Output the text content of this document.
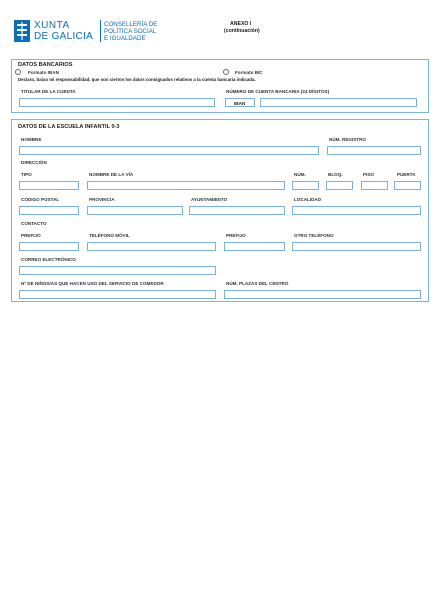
XUNTA
DE GALICIA
CONSELLERÍA DE
POLÍTICA SOCIAL
E IGUALDADE
ANEXO I
(continuación)
DATOS BANCARIOS
Formato IBAN	Formato BIC
Declaro, baixo mi responsabilidad, que son ciertos los datos consignados relativos a la cuenta bancaria indicada.
TITULAR DE LA CUENTA	NÚMERO DE CUENTA BANCARIA (24 DÍGITOS)
IBAN
DATOS DE LA ESCUELA INFANTIL 0-3
NOMBRE	NÚM. REGISTRO
DIRECCIÓN
TIPO	NOMBRE DE LA VÍA	NÚM.	BLOQ.	PISO	PUERTA
CÓDIGO POSTAL	PROVINCIA	AYUNTAMIENTO	LOCALIDAD
CONTACTO
PREFIJO	TELÉFONO MÓVIL	PREFIJO	OTRO TELÉFONO
CORREO ELECTRÓNICO
Nº DE NIÑOS/AS QUE HACEN USO DEL SERVICIO DE COMEDOR	NÚM. PLAZAS DEL CENTRO
